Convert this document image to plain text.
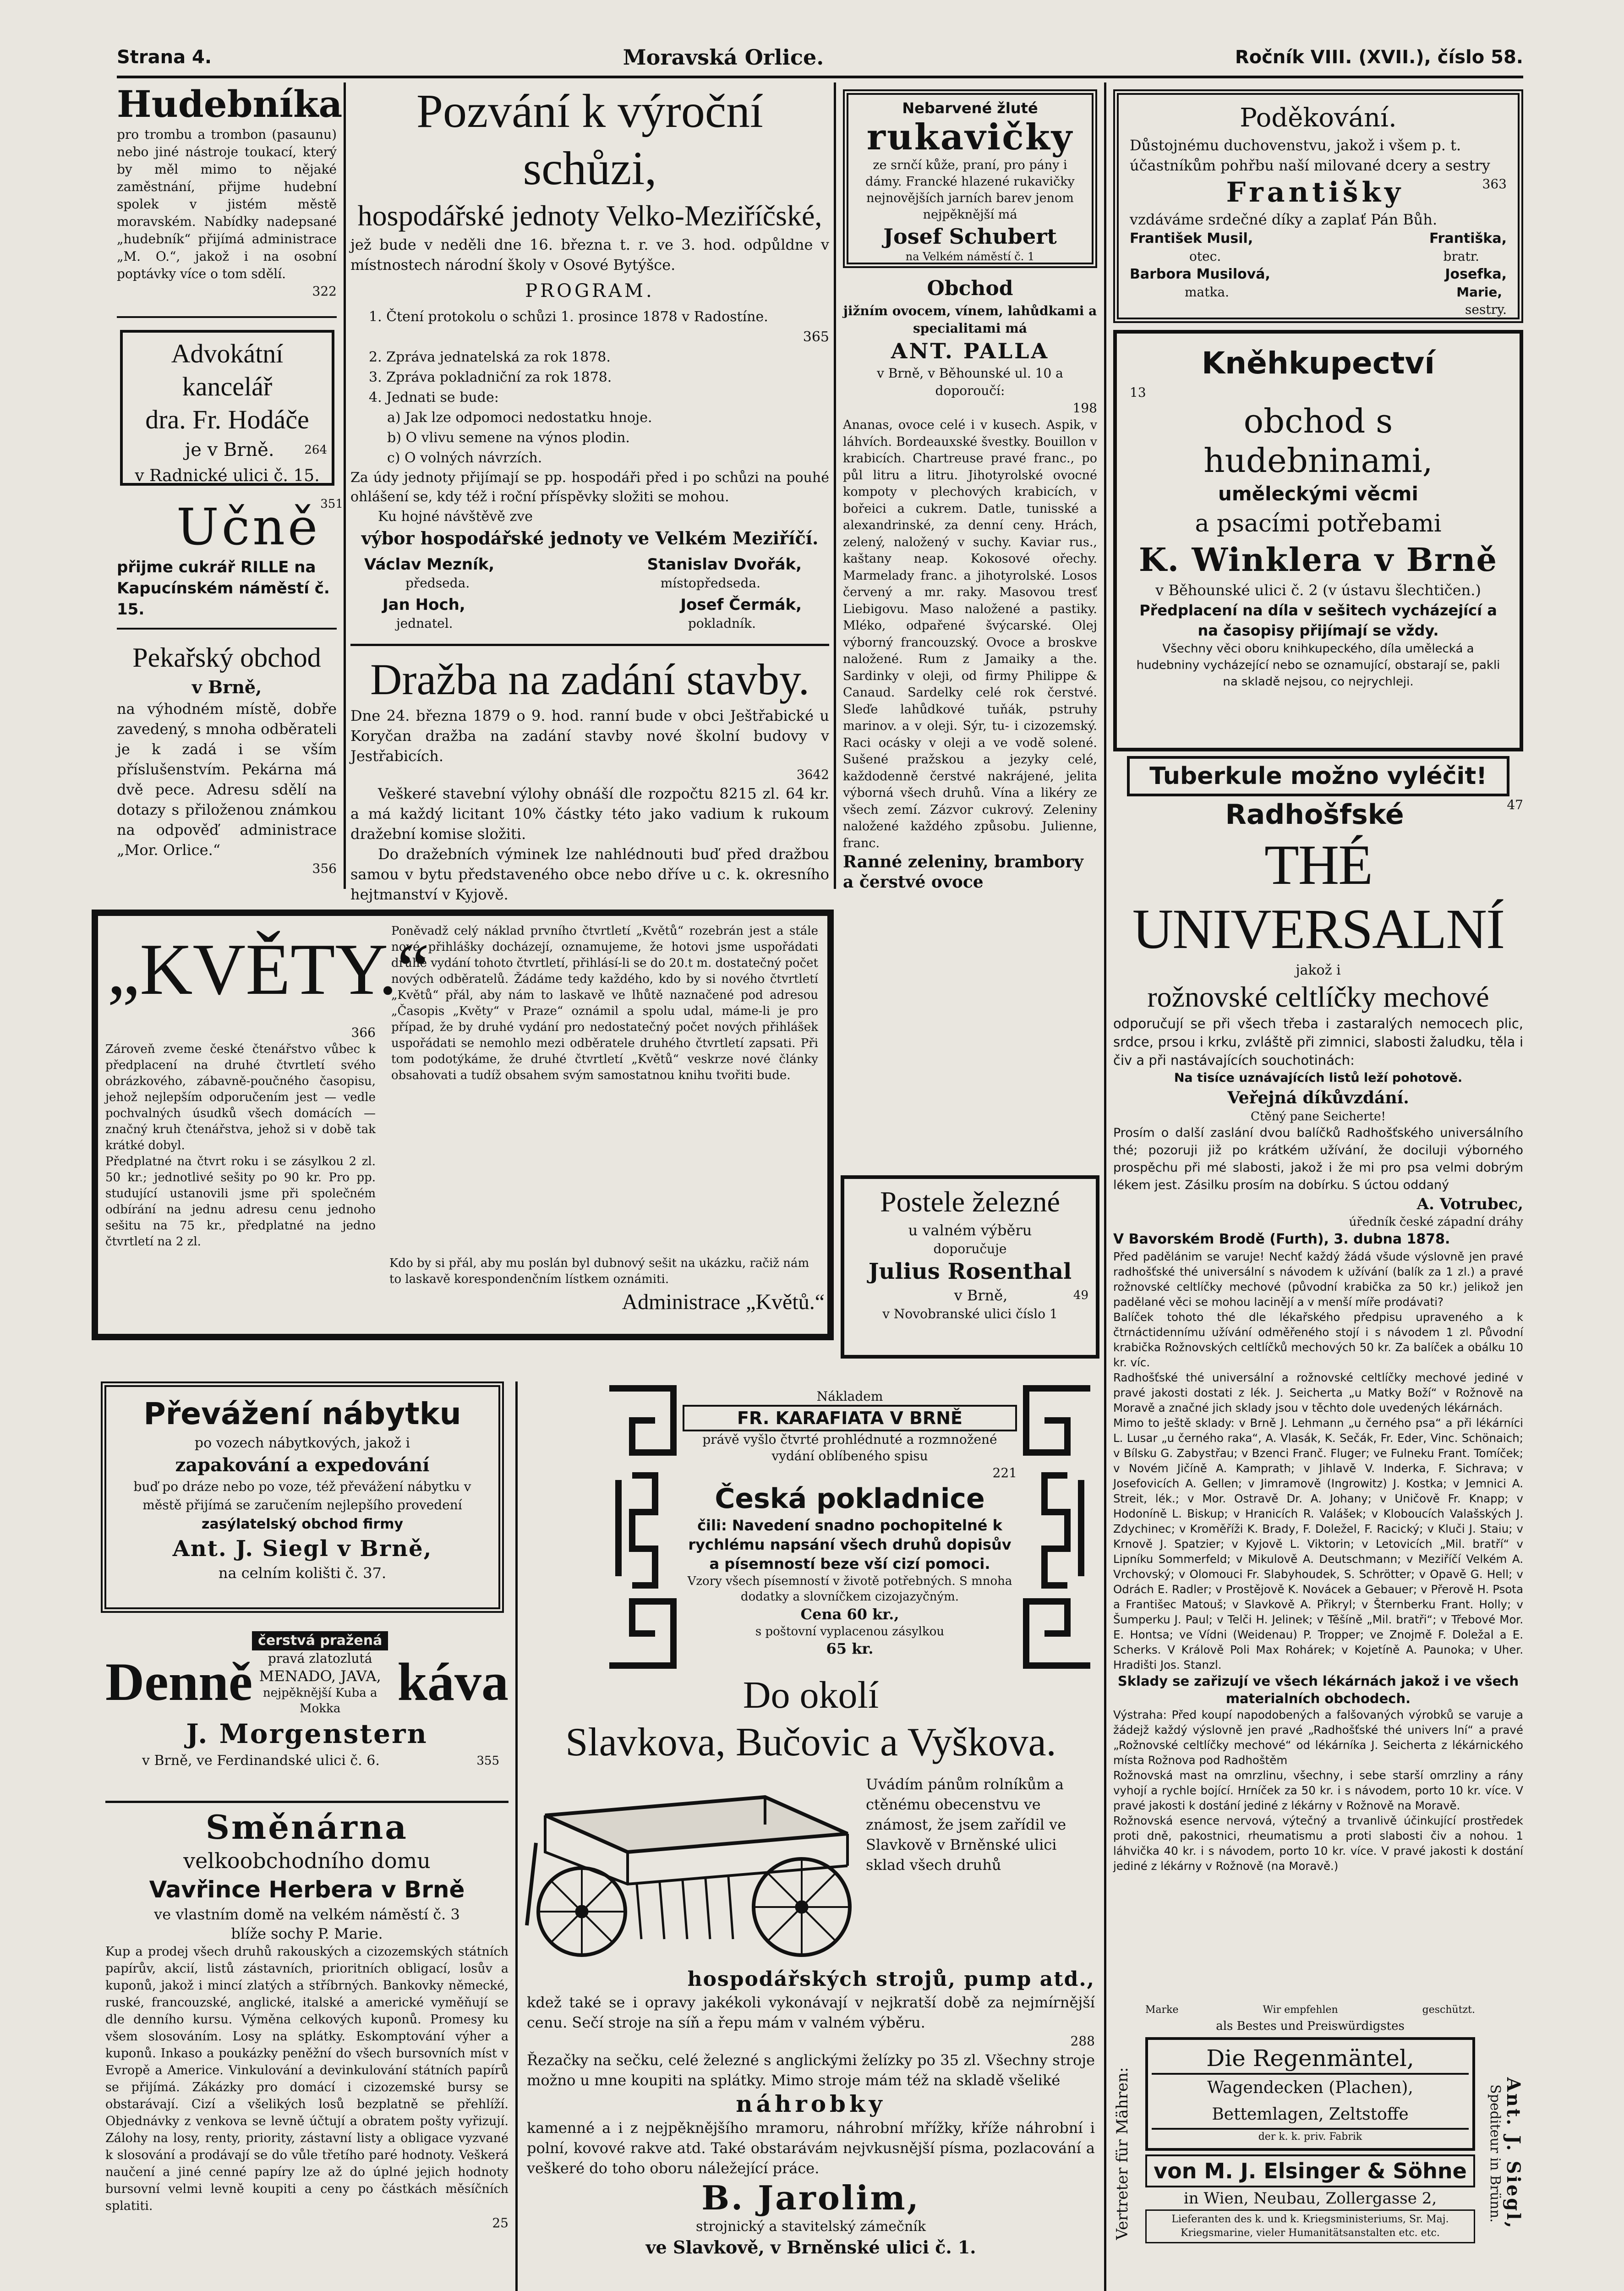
Strana 4.	Moravská Orlice.	Ročník VIII. (XVII.), číslo 58.
Hudebníka
pro trombu a trombon (pasaunu) nebo jiné nástroje toukací, který by měl mimo to nějaké zaměstnání, přijme hudební spolek v jistém městě moravském. Nabídky nadepsané „hudebník“ přijímá administrace „M. O.“, jakož i na osobní poptávky více o tom sdělí.
322
Advokátní kancelář
dra. Fr. Hodáče
je v Brně.	264
v Radnické ulici č. 15.
Učně 351
přijme cukrář RILLE na Kapucínském náměstí č. 15.
Pekařský obchod
v Brně,
na výhodném místě, dobře zavedený, s mnoha odběrateli je k zadá i se vším příslušenstvím. Pekárna má dvě pece. Adresu sdělí na dotazy s přiloženou známkou na odpověď administrace „Mor. Orlice.“
356
Pozvání k výroční schůzi,
hospodářské jednoty Velko-Meziříčské,
jež bude v neděli dne 16. března t. r. ve 3. hod. odpůldne v místnostech národní školy v Osové Bytýšce.
PROGRAM.
1. Čtení protokolu o schůzi 1. prosince 1878 v Radostíne.
365
2. Zpráva jednatelská za rok 1878.
3. Zpráva pokladniční za rok 1878.
4. Jednati se bude:
a) Jak lze odpomoci nedostatku hnoje.
b) O vlivu semene na výnos plodin.
c) O volných návrzích.
Za údy jednoty přijímají se pp. hospodáři před i po schůzi na pouhé ohlášení se, kdy též i roční příspěvky složiti se mohou.
Ku hojné návštěvě zve
výbor hospodářské jednoty ve Velkém Meziříčí.
Václav Mezník,	Stanislav Dvořák,
předseda.	místopředseda.
Jan Hoch,	Josef Čermák,
jednatel.	pokladník.
Dražba na zadání stavby.
Dne 24. března 1879 o 9. hod. ranní bude v obci Ještřabické u Koryčan dražba na zadání stavby nové školní budovy v Jestřabicích.
3642
Veškeré stavební výlohy obnáší dle rozpočtu 8215 zl. 64 kr. a má každý licitant 10% částky této jako vadium k rukoum dražební komise složiti.
Do dražebních výminek lze nahlédnouti buď před dražbou samou v bytu představeného obce nebo dříve u c. k. okresního hejtmanství v Kyjově.
Nebarvené žluté
rukavičky
ze srnčí kůže, praní, pro pány i dámy. Francké hlazené rukavičky nejnovějších jarních barev jenom nejpěknější má
Josef Schubert
na Velkém náměstí č. 1
Obchod
jižním ovocem, vínem, lahůdkami a specialitami má
ANT. PALLA
v Brně, v Běhounské ul. 10 a doporoučí:
198
Ananas, ovoce celé i v kusech. Aspik, v láhvích. Bordeauxské švestky. Bouillon v krabicích. Chartreuse pravé franc., po půl litru a litru. Jihotyrolské ovocné kompoty v plechových krabicích, v bořeici a cukrem. Datle, tunisské a alexandrinské, za denní ceny. Hrách, zelený, naložený v suchy. Kaviar rus., kaštany neap. Kokosové ořechy. Marmelady franc. a jihotyrolské. Losos červený a mr. raky. Masovou tresť Liebigovu. Maso naložené a pastiky. Mléko, odpařené švýcarské. Olej výborný francouzský. Ovoce a broskve naložené. Rum z Jamaiky a the. Sardinky v oleji, od firmy Philippe & Canaud. Sardelky celé rok čerstvé. Sleďe lahůdkové tuňák, pstruhy marinov. a v oleji. Sýr, tu- i cizozemský. Raci ocásky v oleji a ve vodě solené. Sušené pražskou a jezyky celé, každodenně čerstvé nakrájené, jelita výborná všech druhů. Vína a likéry ze všech zemí. Zázvor cukrový. Zeleniny naložené každého způsobu. Julienne, franc.
Ranné zeleniny, brambory a čerstvé ovoce
Poděkování.
Důstojnému duchovenstvu, jakož i všem p. t. účastníkům pohřbu naší milované dcery a sestry
Františky	363
vzdáváme srdečné díky a zaplať Pán Bůh.
František Musil,	Františka,
otec.	bratr.
Barbora Musilová,	Josefka,
matka.	Marie,
sestry.
Kněhkupectví
13
obchod s hudebninami,
uměleckými věcmi
a psacími potřebami
K. Winklera v Brně
v Běhounské ulici č. 2 (v ústavu šlechtičen.)
Předplacení na díla v sešitech vycházející a na časopisy přijímají se vždy.
Všechny věci oboru knihkupeckého, díla umělecká a hudebniny vycházející nebo se oznamující, obstarají se, pakli na skladě nejsou, co nejrychleji.
Tuberkule možno vyléčit!
Radhošfské	47
THÉ UNIVERSALNÍ
jakož i
rožnovské celtlíčky mechové
odporučují se při všech třeba i zastaralých nemocech plic, srdce, prsou i krku, zvláště při zimnici, slabosti žaludku, těla i čiv a při nastávajících souchotinách:
Na tisíce uznávajících listů leží pohotově.
Veřejná díkůvzdání.
Ctěný pane Seicherte!
Prosím o další zaslání dvou balíčků Radhošťského universálního thé; pozoruji již po krátkém užívání, že dociluji výborného prospěchu při mé slabosti, jakož i že mi pro psa velmi dobrým lékem jest. Zásilku prosím na dobírku. S úctou oddaný
A. Votrubec,
úředník české západní dráhy
V Bavorském Brodě (Furth), 3. dubna 1878.
Před padělánim se varuje! Nechť každý žádá všude výslovně jen pravé radhošťské thé universální s návodem k užívání (balík za 1 zl.) a pravé rožnovské celtlíčky mechové (původní krabička za 50 kr.) jelikož jen padělané věci se mohou lacinějí a v menší míře prodávati?
Balíček tohoto thé dle lékařského předpisu upraveného a k čtrnáctidennímu užívání odměřeného stojí i s návodem 1 zl. Původní krabička Rožnovských celtlíčků mechových 50 kr. Za balíček a obálku 10 kr. víc.
Radhošťské thé universální a rožnovské celtlíčky mechové jediné v pravé jakosti dostati z lék. J. Seicherta „u Matky Boží“ v Rožnově na Moravě a značné jich sklady jsou v těchto dole uvedených lékárnách.
Mimo to ještě sklady: v Brně J. Lehmann „u černého psa“ a při lékárníci L. Lusar „u černého raka“, A. Vlasák, K. Sečák, Fr. Eder, Vinc. Schönaich; v Bílsku G. Zabystřau; v Bzenci Franč. Fluger; ve Fulneku Frant. Tomíček; v Novém Jičíně A. Kamprath; v Jihlavě V. Inderka, F. Sichrava; v Josefovicích A. Gellen; v Jimramově (Ingrowitz) J. Kostka; v Jemnici A. Streit, lék.; v Mor. Ostravě Dr. A. Johany; v Uničově Fr. Knapp; v Hodoníně L. Biskup; v Hranicích R. Valášek; v Kloboucích Valašských J. Zdychinec; v Kroměříži K. Brady, F. Doležel, F. Racický; v Kluči J. Staiu; v Krnově J. Spatzier; v Kyjově L. Viktorin; v Letovicích „Mil. bratří“ v Lipníku Sommerfeld; v Mikulově A. Deutschmann; v Meziříčí Velkém A. Vrchovský; v Olomouci Fr. Slabyhoudek, S. Schrötter; v Opavě G. Hell; v Odrách E. Radler; v Prostějově K. Novácek a Gebauer; v Přerově H. Psota a Františec Matouš; v Slavkově A. Přikryl; v Šternberku Frant. Holly; v Šumperku J. Paul; v Telči H. Jelinek; v Těšíně „Mil. bratři“; v Třebové Mor. E. Hontsa; ve Vídni (Weidenau) P. Tropper; ve Znojmě F. Doležal a E. Scherks. V Králově Poli Max Rohárek; v Kojetíně A. Paunoka; v Uher. Hradišti Jos. Stanzl.
Sklady se zařizují ve všech lékárnách jakož i ve všech materialních obchodech.
Výstraha: Před koupí napodobených a falšovaných výrobků se varuje a žádejž každý výslovně jen pravé „Radhošťské thé univers lní“ a pravé „Rožnovské celtlíčky mechové“ od lékárníka J. Seicherta z lékárnického místa Rožnova pod Radhoštěm
Rožnovská mast na omrzlinu, všechny, i sebe starší omrzliny a rány vyhojí a rychle bojící. Hrníček za 50 kr. i s návodem, porto 10 kr. více. V pravé jakosti k dostání jediné z lékárny v Rožnově na Moravě.
Rožnovská esence nervová, výtečný a trvanlivě účinkující prostředek proti dně, pakostnici, rheumatismu a proti slabosti čiv a nohou. 1 láhvička 40 kr. i s návodem, porto 10 kr. více. V pravé jakosti k dostání jediné z lékárny v Rožnově (na Moravě.)
„KVĚTY.“
Poněvadž celý náklad prvního čtvrtletí „Květů“ rozebrán jest a stále nové přihlášky docházejí, oznamujeme, že hotovi jsme uspořádati druhé vydání tohoto čtvrtletí, přihlásí-li se do 20.t m. dostatečný počet nových odběratelů. Žádáme tedy každého, kdo by si nového čtvrtletí „Květů“ přál, aby nám to laskavě ve lhůtě naznačené pod adresou „Časopis „Květy“ v Praze“ oznámil a spolu udal, máme-li je pro případ, že by druhé vydání pro nedostatečný počet nových přihlášek uspořádati se nemohlo mezi odběratele druhého čtvrtletí zapsati. Při tom podotýkáme, že druhé čtvrtletí „Květů“ veskrze nové články obsahovati a tudíž obsahem svým samostatnou knihu tvořiti bude.
366
Zároveň zveme české čtenářstvo vůbec k předplacení na druhé čtvrtletí svého obrázkového, zábavně-poučného časopisu, jehož nejlepším odporučením jest — vedle pochvalných úsudků všech domácích — značný kruh čtenářstva, jehož si v době tak krátké dobyl.
Předplatné na čtvrt roku i se zásylkou 2 zl. 50 kr.; jednotlivé sešity po 90 kr. Pro pp. studující ustanovili jsme při společném odbírání na jednu adresu cenu jednoho sešitu na 75 kr., předplatné na jedno čtvrtletí na 2 zl.
Kdo by si přál, aby mu poslán byl dubnový sešit na ukázku, račiž nám to laskavě korespondenčním lístkem oznámiti.
Administrace „Květů.“
Postele železné
u valném výběru
doporučuje
Julius Rosenthal
v Brně,	49
v Novobranské ulici číslo 1
Převážení nábytku
po vozech nábytkových, jakož i
zapakování a expedování
buď po dráze nebo po voze, též převážení nábytku v městě přijímá se zaručením nejlepšího provedení
zasýlatelský obchod firmy
Ant. J. Siegl v Brně,
na celním kolišti č. 37.
Denně
čerstvá pražená
pravá zlatozlutá
MENADO, JAVA,
nejpěknější Kuba a Mokka	káva
J. Morgenstern
v Brně, ve Ferdinandské ulici č. 6.	355
Směnárna
velkoobchodního domu
Vavřince Herbera v Brně
ve vlastním domě na velkém náměstí č. 3
blíže sochy P. Marie.
Kup a prodej všech druhů rakouských a cizozemských státních papírův, akcií, listů zástavních, prioritních obligací, losův a kuponů, jakož i mincí zlatých a stříbrných. Bankovky německé, ruské, francouzské, anglické, italské a americké vyměňují se dle denního kursu. Výměna celkových kuponů. Promesy ku všem slosováním. Losy na splátky. Eskomptování výher a kuponů. Inkaso a poukázky peněžní do všech bursovních míst v Evropě a Americe. Vinkulování a devinkulování státních papírů se přijímá. Zákázky pro domácí i cizozemské bursy se obstarávají. Cizí a všelikých losů bezplatně se přehlíží. Objednávky z venkova se levně účtují a obratem pošty vyřizují. Zálohy na losy, renty, priority, zástavní listy a obligace vyzvané k slosování a prodávají se do vůle třetího paré hodnoty. Veškerá naučení a jiné cenné papíry lze až do úplné jejich hodnoty bursovní velmi levně koupiti a ceny po částkách měsíčních splatiti.
25
Nákladem
FR. KARAFIATA V BRNĚ
právě vyšlo čtvrté prohlédnuté a rozmnožené vydání oblíbeného spisu
221
Česká pokladnice
čili: Navedení snadno pochopitelné k rychlému napsání všech druhů dopisův a písemností beze vší cizí pomoci.
Vzory všech písemností v životě potřebných. S mnoha dodatky a slovníčkem cizojazyčným.
Cena 60 kr.,
s poštovní vyplacenou zásylkou
65 kr.
Do okolí
Slavkova, Bučovic a Vyškova.
Uvádím pánům rolníkům a ctěnému obecenstvu ve známost, že jsem zařídil ve Slavkově v Brněnské ulici sklad všech druhů
hospodářských strojů, pump atd.,
kdež také se i opravy jakékoli vykonávají v nejkratší době za nejmírnější cenu. Sečí stroje na síň a řepu mám v valném výběru.
288
Řezačky na sečku, celé železné s anglickými želízky po 35 zl. Všechny stroje možno u mne koupiti na splátky. Mimo stroje mám též na skladě všeliké
náhrobky
kamenné a i z nejpěknějšího mramoru, náhrobní mřížky, kříže náhrobní i polní, kovové rakve atd. Také obstarávám nejvkusnější písma, pozlacování a veškeré do toho oboru náležející práce.
B. Jarolim,
strojnický a stavitelský zámečník
ve Slavkově, v Brněnské ulici č. 1.
Vertreter für Mähren:	Ant. J. Siegl,
Spediteur in Brünn.
Marke	Wir empfehlen	geschützt.
als Bestes und Preiswürdigstes
Die Regenmäntel,
Wagendecken (Plachen), Bettemlagen, Zeltstoffe
der k. k. priv. Fabrik
von M. J. Elsinger & Söhne
in Wien, Neubau, Zollergasse 2,
Lieferanten des k. und k. Kriegsministeriums, Sr. Maj. Kriegsmarine, vieler Humanitätsanstalten etc. etc.
